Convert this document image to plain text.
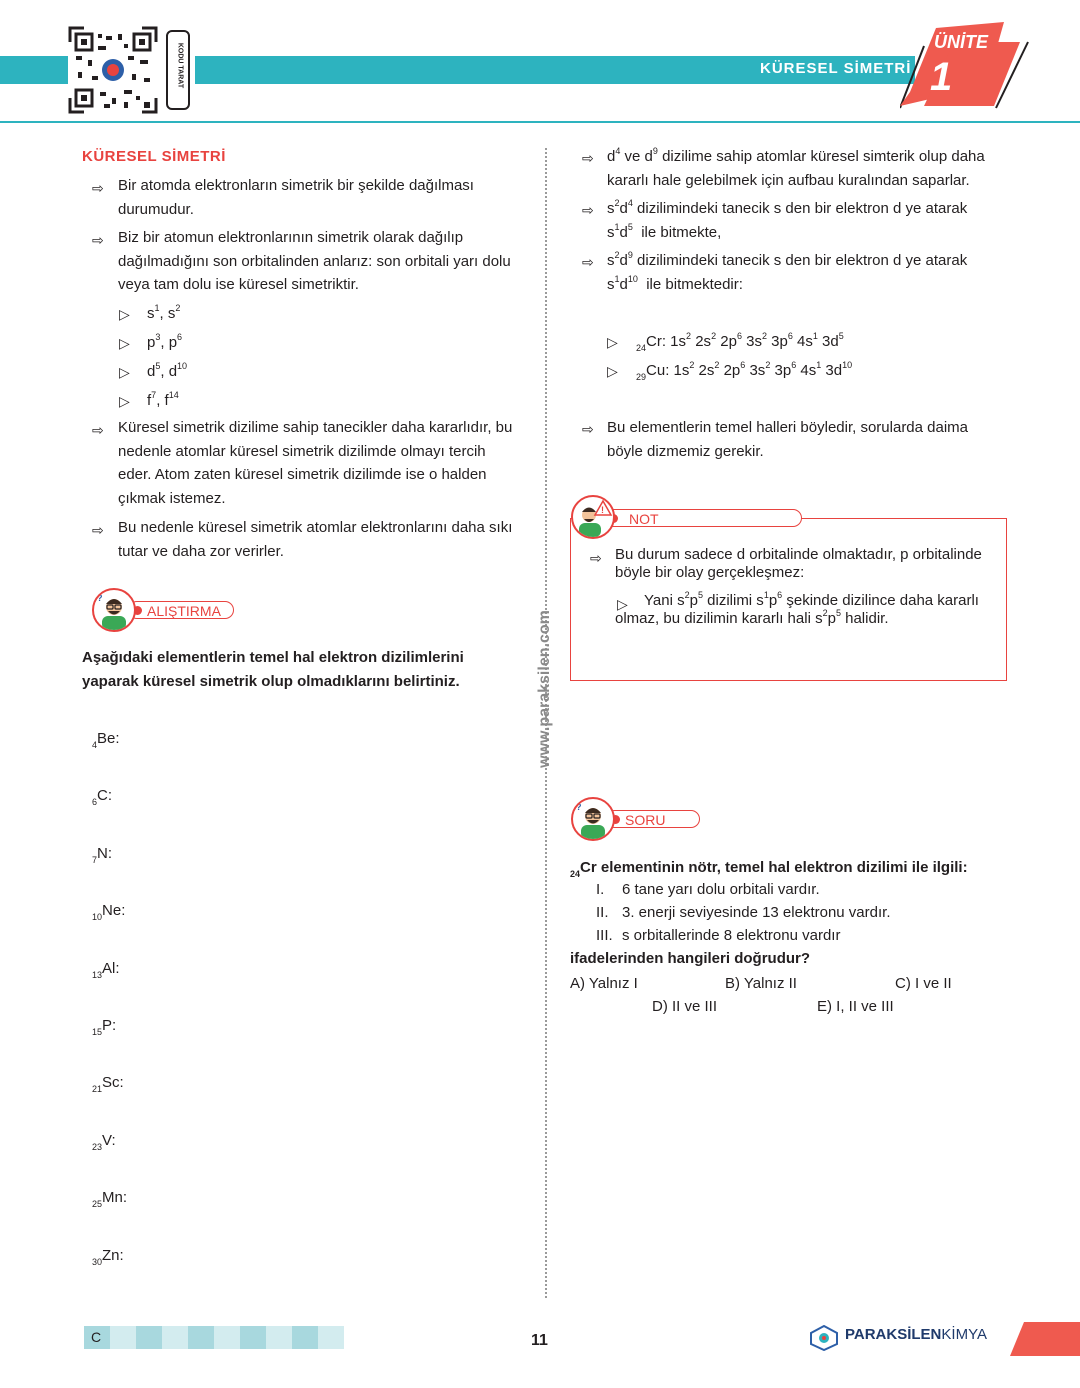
KODU TARAT	KÜRESEL SİMETRİ
ÜNİTE
1
KÜRESEL SİMETRİ
⇨ Bir atomda elektronların simetrik bir şekilde dağılması durumudur.
⇨ Biz bir atomun elektronlarının simetrik olarak dağılıp dağılmadığını son orbitalinden anlarız: son orbitali yarı dolu veya tam dolu ise küresel simetriktir.
▷ $s^1$, $s^2$
▷ $p^3$, $p^6$
▷ $d^5$, $d^{10}$
▷ $f^7$, $f^{14}$
⇨ Küresel simetrik dizilime sahip tanecikler daha kararlıdır, bu nedenle atomlar küresel simetrik dizilimde olmayı tercih eder. Atom zaten küresel simetrik dizilimde ise o halden çıkmak istemez.
⇨ Bu nedenle küresel simetrik atomlar elektronlarını daha sıkı tutar ve daha zor verirler.
ALIŞTIRMA
?
Aşağıdaki elementlerin temel hal elektron dizilimlerini yaparak küresel simetrik olup olmadıklarını belirtiniz.
$_4$Be:
$_6$C:
$_7$N:
$_{10}$Ne:
$_{13}$Al:
$_{15}$P:
$_{21}$Sc:
$_{23}$V:
$_{25}$Mn:
$_{30}$Zn:
www.paraksilen.com
⇨ $d^4$ ve $d^9$ dizilime sahip atomlar küresel simterik olup daha kararlı hale gelebilmek için aufbau kuralından saparlar.
⇨ $s^2d^4$ dizilimindeki tanecik s den bir elektron d ye atarak
$s^1d^5$ ile bitmekte,
⇨ $s^2d^9$ dizilimindeki tanecik s den bir elektron d ye atarak
$s^1d^{10}$ ile bitmektedir:
▷ $_{24}$Cr: $1s^2$ $2s^2$ $2p^6$ $3s^2$ $3p^6$ $4s^1$ $3d^5$
▷ $_{29}$Cu: $1s^2$ $2s^2$ $2p^6$ $3s^2$ $3p^6$ $4s^1$ $3d^{10}$
⇨ Bu elementlerin temel halleri böyledir, sorularda daima böyle dizmemiz gerekir.
NOT
!
⇨ Bu durum sadece d orbitalinde olmaktadır, p orbitalinde böyle bir olay gerçekleşmez:
▷	Yani $s^2p^5$ dizilimi $s^1p^6$ şekinde dizilince daha kararlı olmaz, bu dizilimin kararlı hali $s^2p^5$ halidir.
SORU
?
$_{24}$Cr elementinin nötr, temel hal elektron dizilimi ile ilgili:
I. 6 tane yarı dolu orbitali vardır.
II. 3. enerji seviyesinde 13 elektronu vardır.
III. s orbitallerinde 8 elektronu vardır
ifadelerinden hangileri doğrudur?
A) Yalnız I	B) Yalnız II	C) I ve II
D) II ve III	E) I, II ve III
C	11	PARAKSİLENKİMYA
